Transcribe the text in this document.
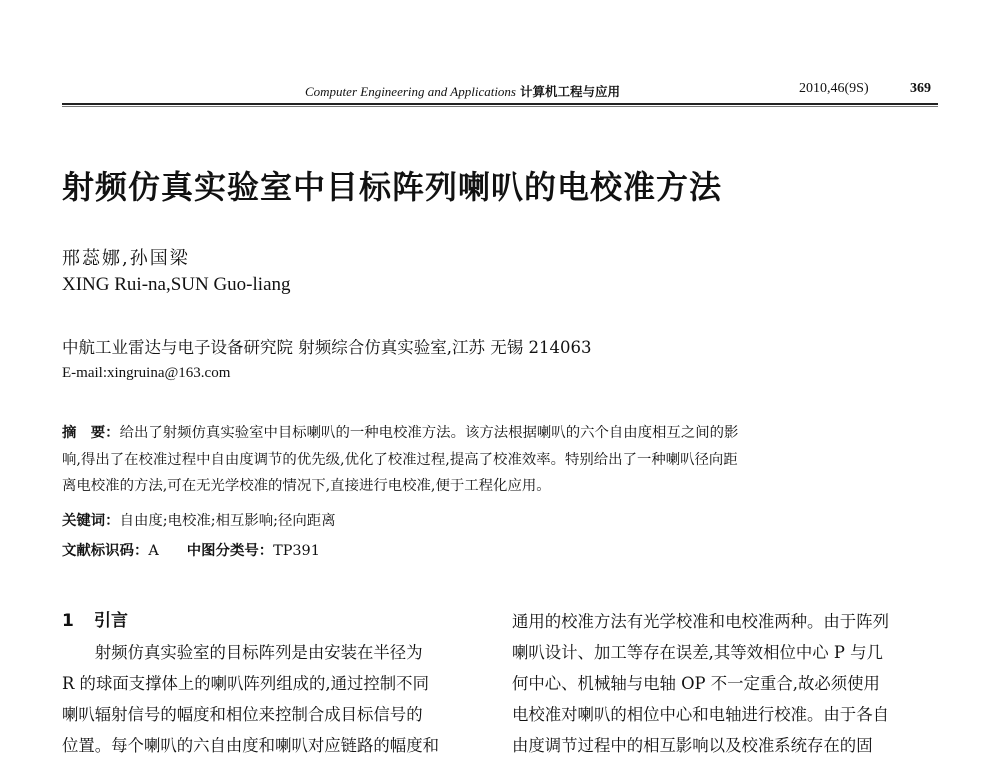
Computer Engineering and Applications 计算机工程与应用	2010,46(9S)	369
射频仿真实验室中目标阵列喇叭的电校准方法
邢蕊娜,孙国梁
XING Rui-na,SUN Guo-liang
中航工业雷达与电子设备研究院 射频综合仿真实验室,江苏 无锡 214063
E-mail:xingruina@163.com
摘　要：给出了射频仿真实验室中目标喇叭的一种电校准方法。该方法根据喇叭的六个自由度相互之间的影
响,得出了在校准过程中自由度调节的优先级,优化了校准过程,提高了校准效率。特别给出了一种喇叭径向距
离电校准的方法,可在无光学校准的情况下,直接进行电校准,便于工程化应用。
关键词：自由度;电校准;相互影响;径向距离
文献标识码：A 中图分类号：TP391
1 引言
　　射频仿真实验室的目标阵列是由安装在半径为
R 的球面支撑体上的喇叭阵列组成的,通过控制不同
喇叭辐射信号的幅度和相位来控制合成目标信号的
位置。每个喇叭的六自由度和喇叭对应链路的幅度和
通用的校准方法有光学校准和电校准两种。由于阵列
喇叭设计、加工等存在误差,其等效相位中心 P 与几
何中心、机械轴与电轴 OP 不一定重合,故必须使用
电校准对喇叭的相位中心和电轴进行校准。由于各自
由度调节过程中的相互影响以及校准系统存在的固
